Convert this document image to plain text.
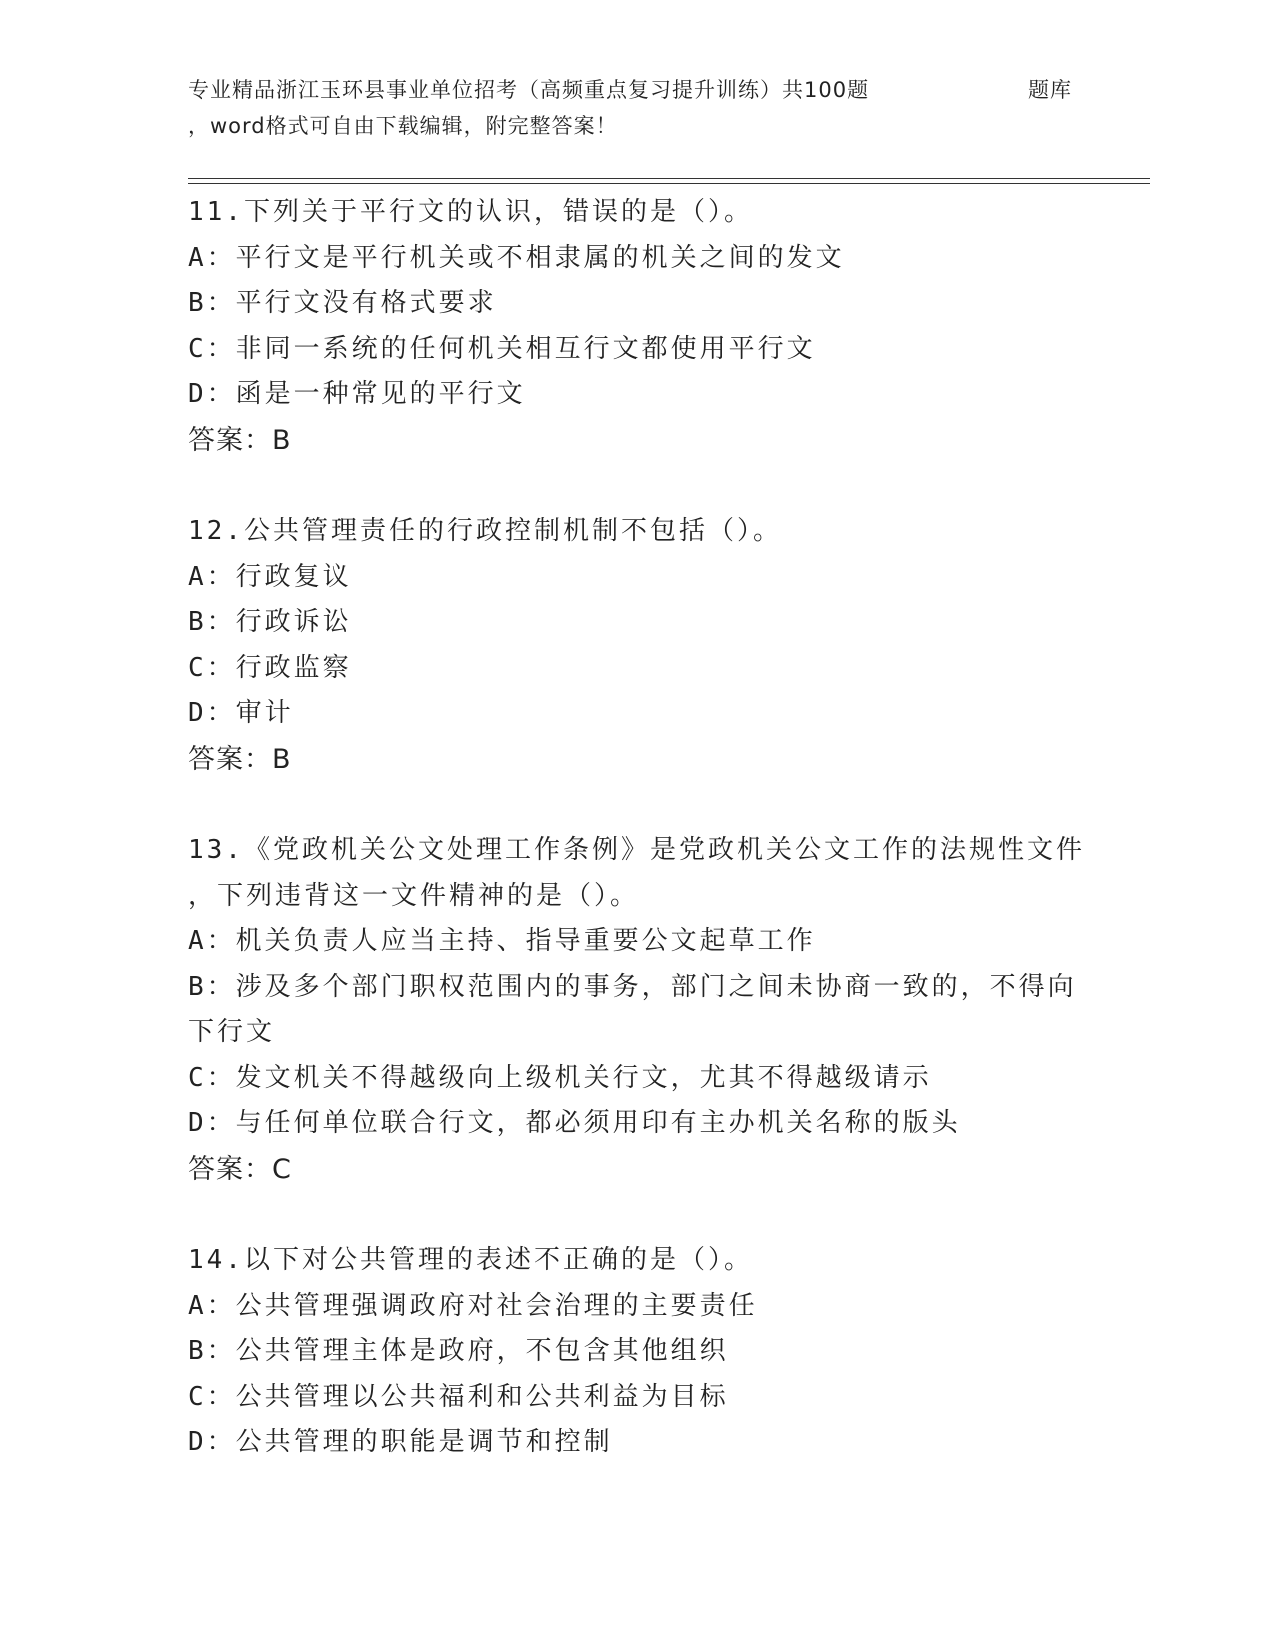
专业精品浙江玉环县事业单位招考（高频重点复习提升训练）共100题	题库
，word格式可自由下载编辑，附完整答案！
11.下列关于平行文的认识，错误的是（）。
A：平行文是平行机关或不相隶属的机关之间的发文
B：平行文没有格式要求
C：非同一系统的任何机关相互行文都使用平行文
D：函是一种常见的平行文
答案：B
12.公共管理责任的行政控制机制不包括（）。
A：行政复议
B：行政诉讼
C：行政监察
D：审计
答案：B
13.《党政机关公文处理工作条例》是党政机关公文工作的法规性文件
，下列违背这一文件精神的是（）。
A：机关负责人应当主持、指导重要公文起草工作
B：涉及多个部门职权范围内的事务，部门之间未协商一致的，不得向
下行文
C：发文机关不得越级向上级机关行文，尤其不得越级请示
D：与任何单位联合行文，都必须用印有主办机关名称的版头
答案：C
14.以下对公共管理的表述不正确的是（）。
A：公共管理强调政府对社会治理的主要责任
B：公共管理主体是政府，不包含其他组织
C：公共管理以公共福利和公共利益为目标
D：公共管理的职能是调节和控制
